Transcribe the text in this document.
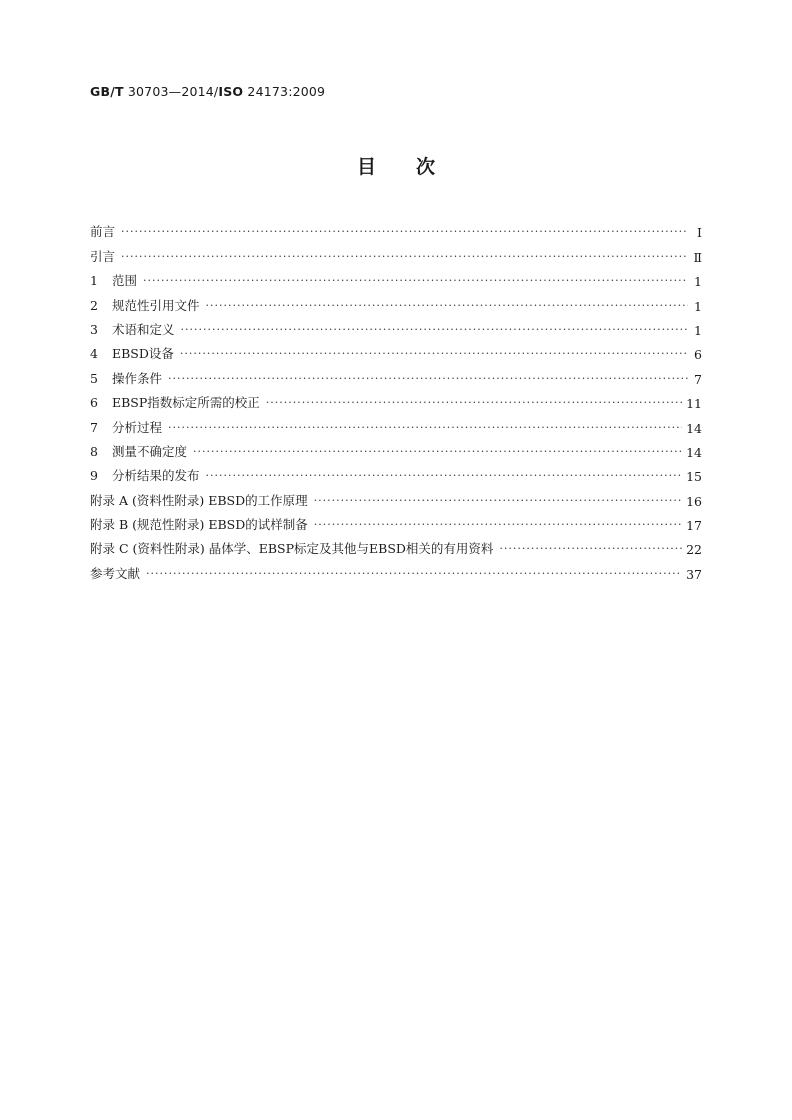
GB/T 30703—2014/ISO 24173:2009
目次
前言 ·····	Ⅰ
引言 ·····	Ⅱ
1 范围 ·····	1
2 规范性引用文件 ·····	1
3 术语和定义 ·····	1
4 EBSD设备 ·····	6
5 操作条件 ·····	7
6 EBSP指数标定所需的校正 ·····	11
7 分析过程 ·····	14
8 测量不确定度 ·····	14
9 分析结果的发布 ·····	15
附录 A (资料性附录) EBSD的工作原理 ·····	16
附录 B (规范性附录) EBSD的试样制备 ·····	17
附录 C (资料性附录) 晶体学、EBSP标定及其他与EBSD相关的有用资料 ·····	22
参考文献 ·····	37
